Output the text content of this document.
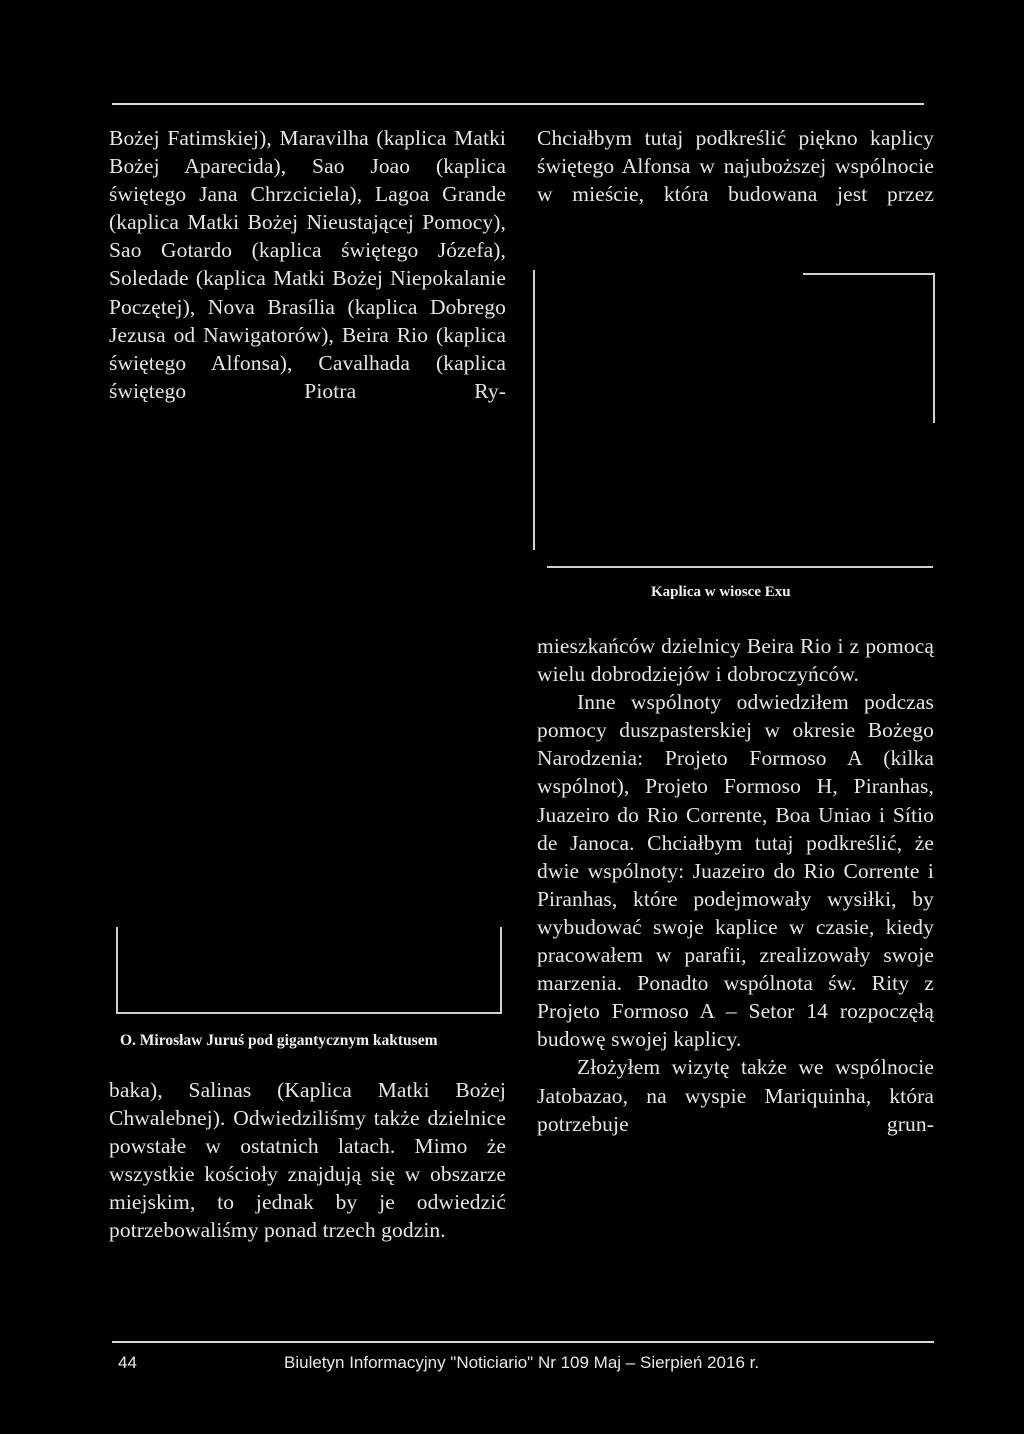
Bożej Fatimskiej), Maravilha (kaplica Matki Bożej Aparecida), Sao Joao (kaplica świętego Jana Chrzciciela), Lagoa Grande (kaplica Matki Bożej Nieustającej Pomocy), Sao Gotardo (kaplica świętego Józefa), Soledade (kaplica Matki Bożej Niepokalanie Poczętej), Nova Brasília (kaplica Dobrego Jezusa od Nawigatorów), Beira Rio (kaplica świętego Alfonsa), Cavalhada (kaplica świętego Piotra Ry-

O. Mirosław Juruś pod gigantycznym kaktusem

baka), Salinas (Kaplica Matki Bożej Chwalebnej). Odwiedziliśmy także dzielnice powstałe w ostatnich latach. Mimo że wszystkie kościoły znajdują się w obszarze miejskim, to jednak by je odwiedzić potrzebowaliśmy ponad trzech godzin.

Chciałbym tutaj podkreślić piękno kaplicy świętego Alfonsa w najuboższej wspólnocie w mieście, która budowana jest przez

Kaplica w wiosce Exu

mieszkańców dzielnicy Beira Rio i z pomocą wielu dobrodziejów i dobroczyńców.

Inne wspólnoty odwiedziłem podczas pomocy duszpasterskiej w okresie Bożego Narodzenia: Projeto Formoso A (kilka wspólnot), Projeto Formoso H, Piranhas, Juazeiro do Rio Corrente, Boa Uniao i Sítio de Janoca. Chciałbym tutaj podkreślić, że dwie wspólnoty: Juazeiro do Rio Corrente i Piranhas, które podejmowały wysiłki, by wybudować swoje kaplice w czasie, kiedy pracowałem w parafii, zrealizowały swoje marzenia. Ponadto wspólnota św. Rity z Projeto Formoso A – Setor 14 rozpoczęłą budowę swojej kaplicy.

Złożyłem wizytę także we wspólnocie Jatobazao, na wyspie Mariquinha, która potrzebuje grun-

44	Biuletyn Informacyjny "Noticiario" Nr 109 Maj – Sierpień 2016 r.
